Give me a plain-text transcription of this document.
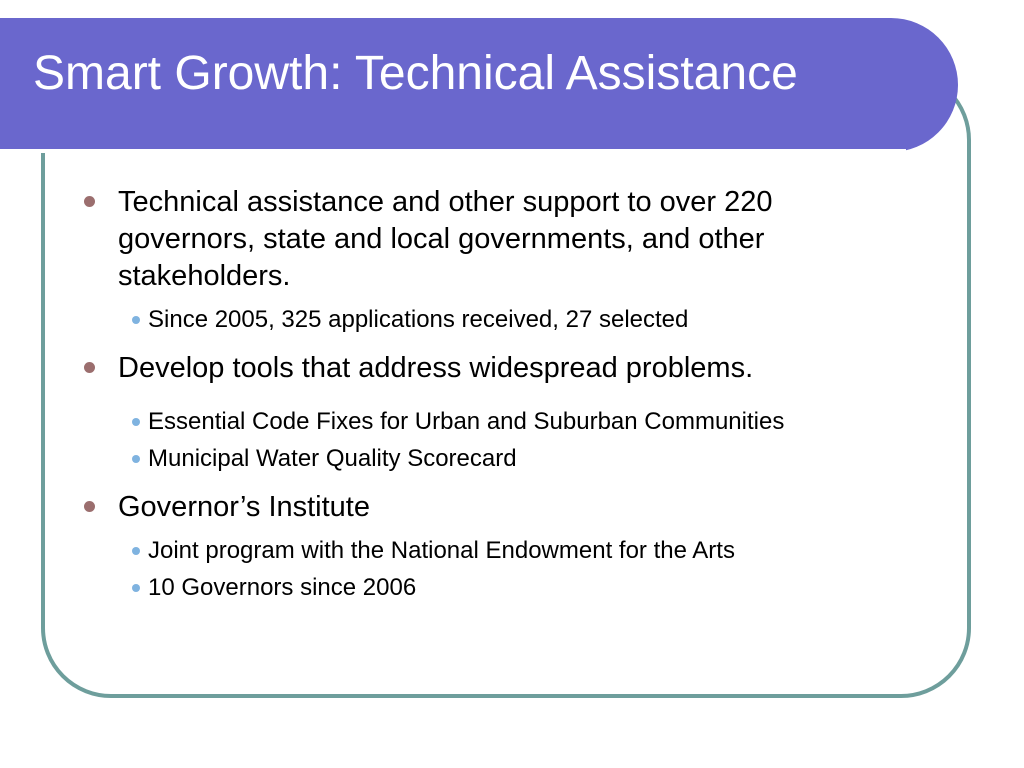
Smart Growth: Technical Assistance
Technical assistance and other support to over 220 governors, state and local governments, and other stakeholders.
Since 2005, 325 applications received, 27 selected
Develop tools that address widespread problems.
Essential Code Fixes for Urban and Suburban Communities
Municipal Water Quality Scorecard
Governor’s Institute
Joint program with the National Endowment for the Arts
10 Governors since 2006
